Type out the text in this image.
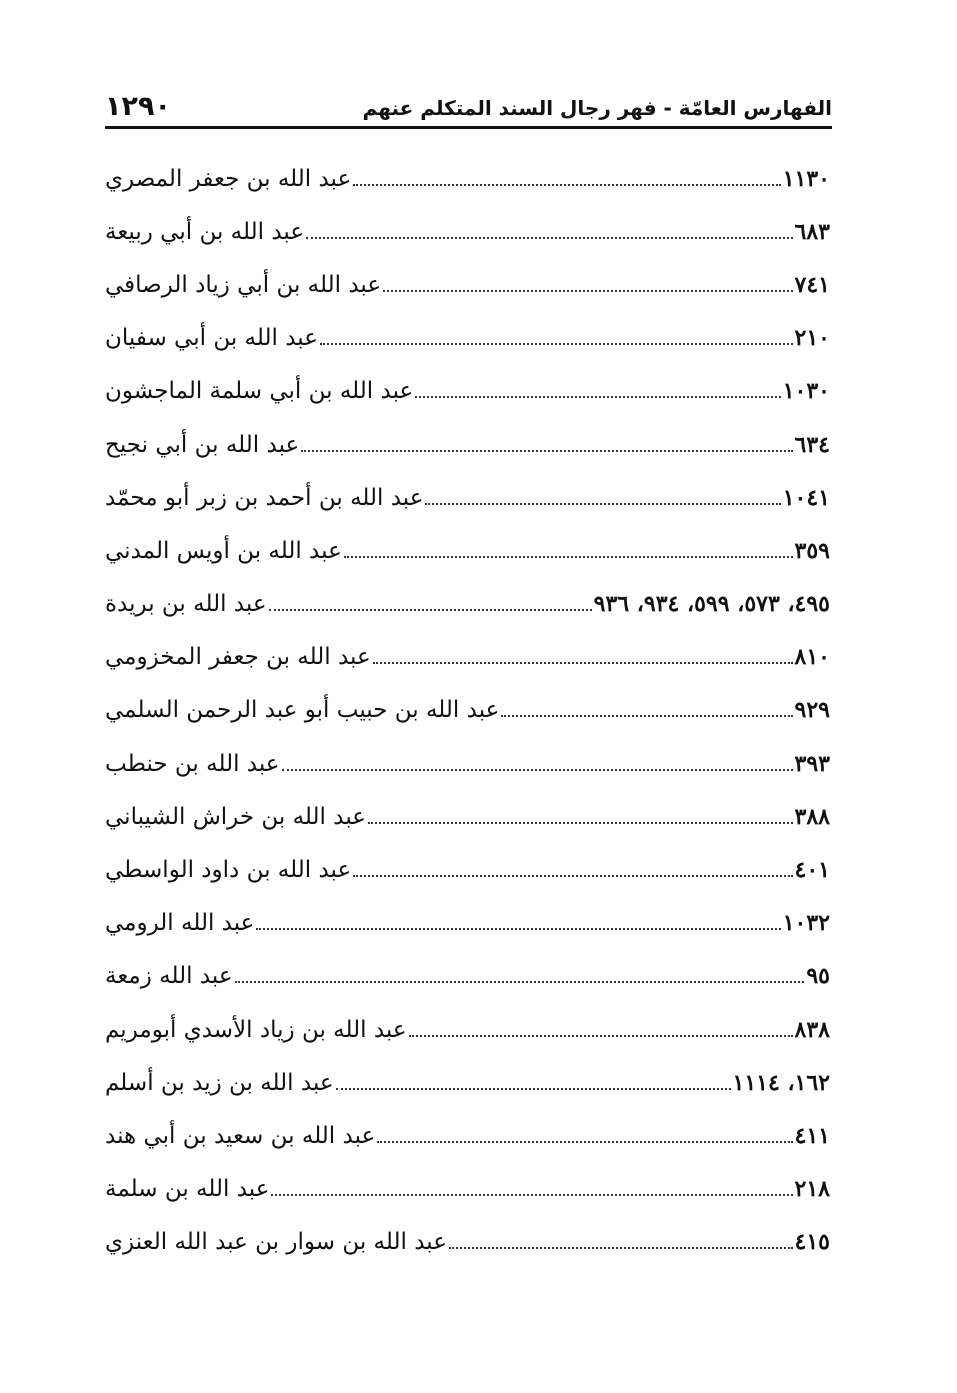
١٢٩٠	الفهارس العامّة - فهر رجال السند المتكلم عنهم
عبد الله بن جعفر المصري	١١٣٠
عبد الله بن أبي ربيعة	٦٨٣
عبد الله بن أبي زياد الرصافي	٧٤١
عبد الله بن أبي سفيان	٢١٠
عبد الله بن أبي سلمة الماجشون	١٠٣٠
عبد الله بن أبي نجيح	٦٣٤
عبد الله بن أحمد بن زبر أبو محمّد	١٠٤١
عبد الله بن أويس المدني	٣٥٩
عبد الله بن بريدة	٤٩٥، ٥٧٣، ٥٩٩، ٩٣٤، ٩٣٦
عبد الله بن جعفر المخزومي	٨١٠
عبد الله بن حبيب أبو عبد الرحمن السلمي	٩٢٩
عبد الله بن حنطب	٣٩٣
عبد الله بن خراش الشيباني	٣٨٨
عبد الله بن داود الواسطي	٤٠١
عبد الله الرومي	١٠٣٢
عبد الله زمعة	٩٥
عبد الله بن زياد الأسدي أبومريم	٨٣٨
عبد الله بن زيد بن أسلم	١٦٢، ١١١٤
عبد الله بن سعيد بن أبي هند	٤١١
عبد الله بن سلمة	٢١٨
عبد الله بن سوار بن عبد الله العنزي	٤١٥
